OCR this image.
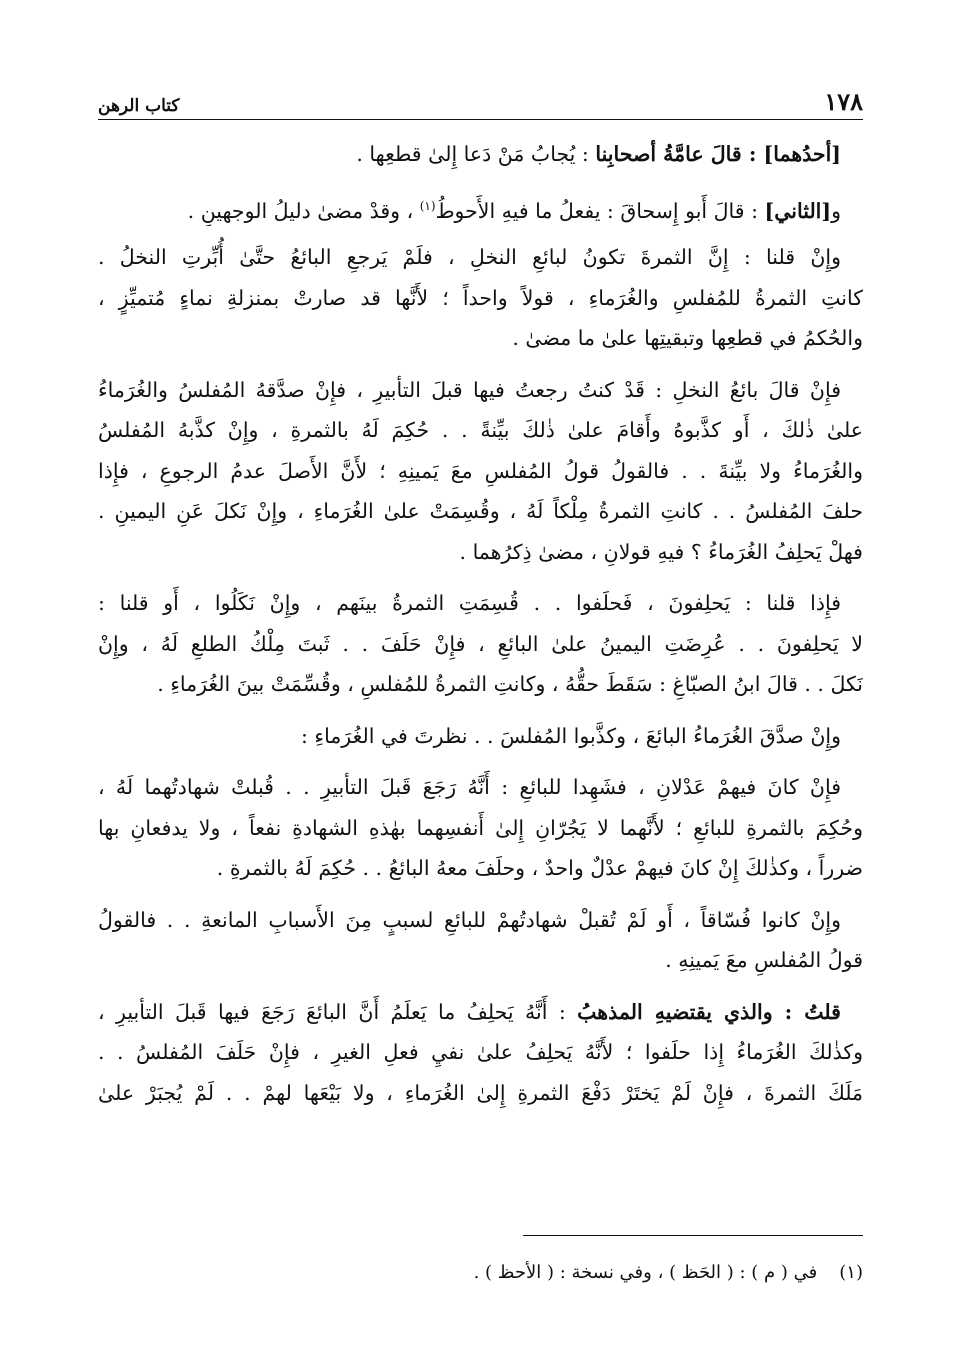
١٧٨
كتاب الرهن
[أحدُهما] : قالَ عامَّةُ أصحابِنا : يُجابُ مَنْ دَعا إِلىٰ قطعِها .
و[الثاني] : قالَ أَبو إِسحاقَ : يفعلُ ما فيهِ الأَحوطُ$^{(١)}$ ، وقدْ مضىٰ دليلُ الوجهينِ .
وإِنْ قلنا : إِنَّ الثمرةَ تكونُ لبائعِ النخلِ ، فلَمْ يَرجعِ البائعُ حتَّىٰ أُبِّرتِ النخلُ .
كانتِ الثمرةُ للمُفلسِ والغُرَماءِ ، قولاً واحداً ؛ لأَنَّها قد صارتْ بمنزلةِ نماءٍ مُتميِّزٍ ،
والحُكمُ في قطعِها وتبقيتِها علىٰ ما مضىٰ .
فإِنْ قالَ بائعُ النخلِ : قَدْ كنتُ رجعتُ فيها قبلَ التأبيرِ ، فإِنْ صدَّقهُ المُفلسُ والغُرَماءُ
علىٰ ذٰلكَ ، أَو كذَّبوهُ وأَقامَ علىٰ ذٰلكَ بيِّنةً . . حُكِمَ لَهُ بالثمرةِ ، وإِنْ كذَّبهُ المُفلسُ
والغُرَماءُ ولا بيِّنةَ . . فالقولُ قولُ المُفلسِ معَ يَمينِهِ ؛ لأَنَّ الأَصلَ عدمُ الرجوعِ ، فإِذا
حلفَ المُفلسُ . . كانتِ الثمرةُ مِلْكاً لَهُ ، وقُسِمَتْ علىٰ الغُرَماءِ ، وإِنْ نَكلَ عَنِ اليمينِ .
فهلْ يَحلِفُ الغُرَماءُ ؟ فيهِ قولانِ ، مضىٰ ذِكرُهما .
فإِذا قلنا : يَحلِفونَ ، فَحلَفوا . . قُسِمَتِ الثمرةُ بينَهم ، وإِنْ نَكَلُوا ، أَو قلنا :
لا يَحلِفونَ . . عُرِضَتِ اليمينُ علىٰ البائعِ ، فإِنْ حَلَفَ . . ثَبتَ مِلْكُ الطلعِ لَهُ ، وإِنْ
نَكلَ . . قالَ ابنُ الصبّاغِ : سَقَطَ حقُّهُ ، وكانتِ الثمرةُ للمُفلسِ ، وقُسِّمَتْ بينَ الغُرَماءِ .
وإِنْ صدَّقَ الغُرَماءُ البائعَ ، وكذَّبوا المُفلسَ . . نظرتَ في الغُرَماءِ :
فإِنْ كانَ فيهمْ عَدْلانِ ، فشَهِدا للبائعِ : أَنَّهُ رَجَعَ قَبلَ التأبيرِ . . قُبلتْ شهادتُهما لَهُ ،
وحُكِمَ بالثمرةِ للبائعِ ؛ لأَنَّهما لا يَجُرّانِ إِلىٰ أَنفسِهما بهٰذهِ الشهادةِ نفعاً ، ولا يدفعانِ بها
ضرراً ، وكذٰلكَ إِنْ كانَ فيهمْ عدْلٌ واحدٌ ، وحلَفَ معهُ البائعُ . . حُكِمَ لَهُ بالثمرةِ .
وإِنْ كانوا فُسّاقاً ، أَو لَمْ تُقبلْ شهادتُهمْ للبائعِ لسببٍ مِنَ الأَسبابِ المانعةِ . . فالقولُ
قولُ المُفلسِ معَ يَمينِهِ .
قلتُ : والذي يقتضيهِ المذهبُ : أَنَّهُ يَحلِفُ ما يَعلَمُ أَنَّ البائعَ رَجَعَ فيها قَبلَ التأبيرِ ،
وكذٰلكَ الغُرَماءُ إِذا حلَفوا ؛ لأَنَّهُ يَحلِفُ علىٰ نفيِ فعلِ الغيرِ ، فإِنْ حَلَفَ المُفلسُ . .
مَلَكَ الثمرةَ ، فإِنْ لَمْ يَختَرْ دَفْعَ الثمرةِ إِلىٰ الغُرَماءِ ، ولا بَيْعَها لهمْ . . لَمْ يُجبَرْ علىٰ
(١)في ( م ) : ( الحَظ ) ، وفي نسخة : ( الأحظ ) .
